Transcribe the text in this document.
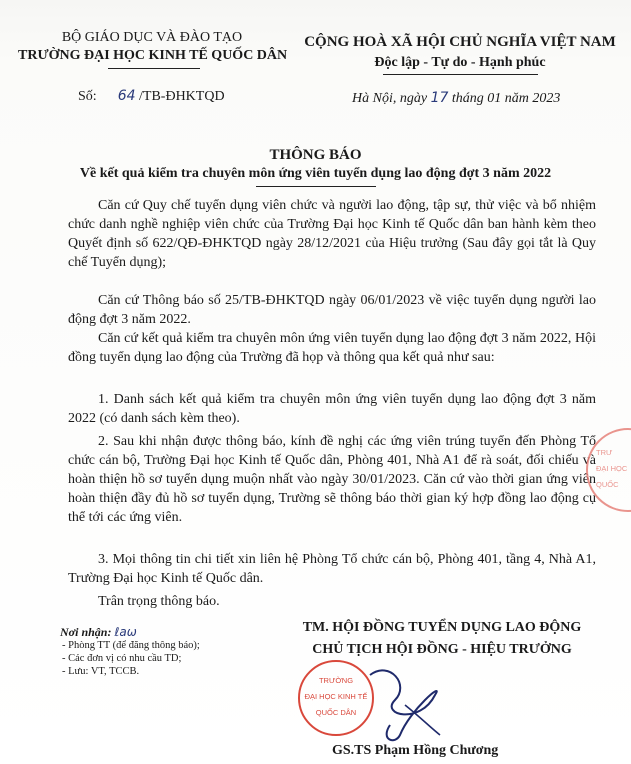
BỘ GIÁO DỤC VÀ ĐÀO TẠO
TRƯỜNG ĐẠI HỌC KINH TẾ QUỐC DÂN
CỘNG HOÀ XÃ HỘI CHỦ NGHĨA VIỆT NAM
Độc lập - Tự do - Hạnh phúc
Số: 64 /TB-ĐHKTQD	Hà Nội, ngày 17 tháng 01 năm 2023
THÔNG BÁO
Về kết quả kiểm tra chuyên môn ứng viên tuyển dụng lao động đợt 3 năm 2022
Căn cứ Quy chế tuyển dụng viên chức và người lao động, tập sự, thử việc và bổ nhiệm chức danh nghề nghiệp viên chức của Trường Đại học Kinh tế Quốc dân ban hành kèm theo Quyết định số 622/QĐ-ĐHKTQD ngày 28/12/2021 của Hiệu trưởng (Sau đây gọi tắt là Quy chế Tuyển dụng);
Căn cứ Thông báo số 25/TB-ĐHKTQD ngày 06/01/2023 về việc tuyển dụng người lao động đợt 3 năm 2022.
Căn cứ kết quả kiểm tra chuyên môn ứng viên tuyển dụng lao động đợt 3 năm 2022, Hội đồng tuyển dụng lao động của Trường đã họp và thông qua kết quả như sau:
1. Danh sách kết quả kiểm tra chuyên môn ứng viên tuyển dụng lao động đợt 3 năm 2022 (có danh sách kèm theo).
2. Sau khi nhận được thông báo, kính đề nghị các ứng viên trúng tuyển đến Phòng Tổ chức cán bộ, Trường Đại học Kinh tế Quốc dân, Phòng 401, Nhà A1 để rà soát, đối chiếu và hoàn thiện hồ sơ tuyển dụng muộn nhất vào ngày 30/01/2023. Căn cứ vào thời gian ứng viên hoàn thiện đầy đủ hồ sơ tuyển dụng, Trường sẽ thông báo thời gian ký hợp đồng lao động cụ thể tới các ứng viên.
3. Mọi thông tin chi tiết xin liên hệ Phòng Tổ chức cán bộ, Phòng 401, tầng 4, Nhà A1, Trường Đại học Kinh tế Quốc dân.
Trân trọng thông báo.
Nơi nhận: ℓaω
- Phòng TT (để đăng thông báo);
- Các đơn vị có nhu cầu TD;
- Lưu: VT, TCCB.
TM. HỘI ĐỒNG TUYỂN DỤNG LAO ĐỘNG
CHỦ TỊCH HỘI ĐỒNG - HIỆU TRƯỞNG
TRƯỜNG
ĐẠI HỌC KINH TẾ
QUỐC DÂN
TRƯ
ĐẠI HỌC
QUỐC
GS.TS Phạm Hồng Chương
